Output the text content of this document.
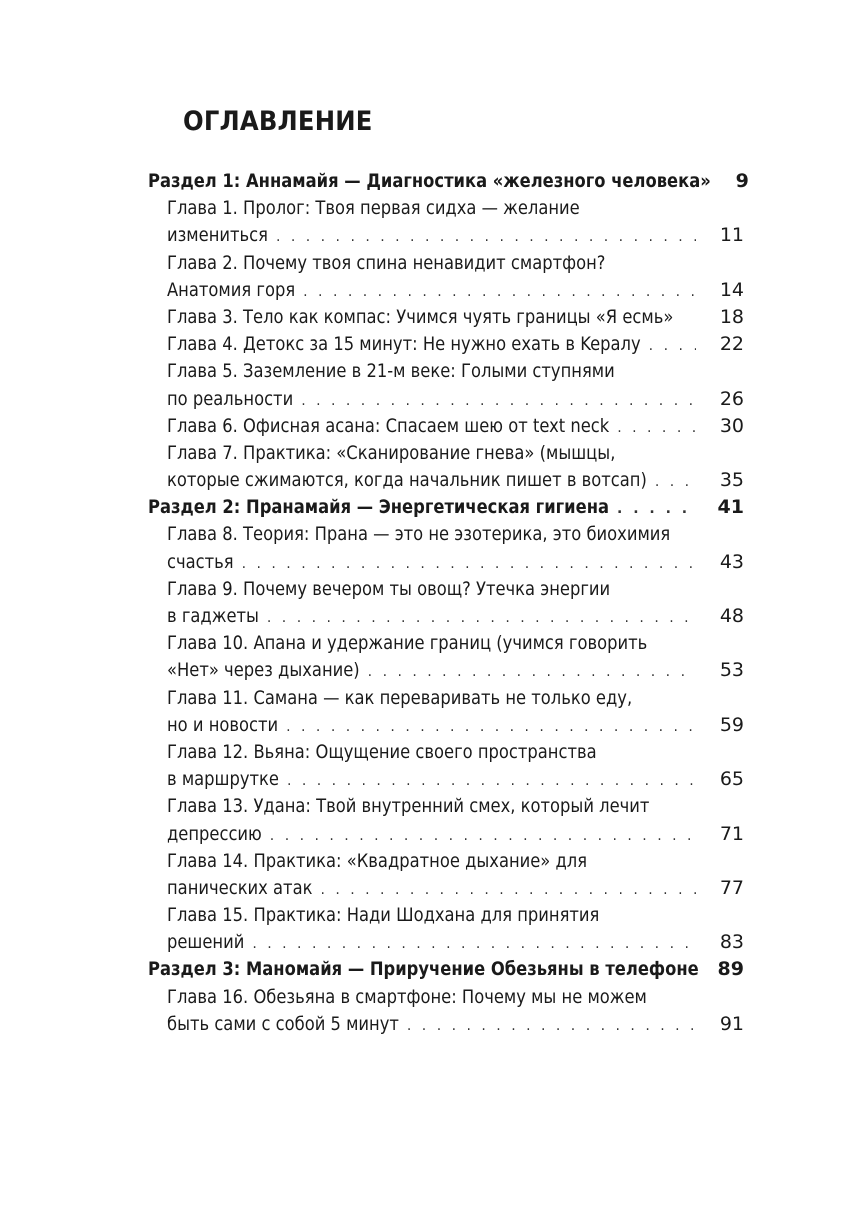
ОГЛАВЛЕНИЕ
Раздел 1: Аннамайя — Диагностика «железного человека»	9
Глава 1. Пролог: Твоя первая сидха — желание
измениться . . .	11
Глава 2. Почему твоя спина ненавидит смартфон?
Анатомия горя . . .	14
Глава 3. Тело как компас: Учимся чуять границы «Я есмь»	18
Глава 4. Детокс за 15 минут: Не нужно ехать в Keралу . . .	22
Глава 5. Заземление в 21-м веке: Голыми ступнями
по реальности . . .	26
Глава 6. Офисная асана: Спасаем шею от text neck . . .	30
Глава 7. Практика: «Сканирование гнева» (мышцы,
которые сжимаются, когда начальник пишет в вотсап) . . .	35
Раздел 2: Пранамайя — Энергетическая гигиена . . .	41
Глава 8. Теория: Прана — это не эзотерика, это биохимия
счастья . . .	43
Глава 9. Почему вечером ты овощ? Утечка энергии
в гаджеты . . .	48
Глава 10. Апана и удержание границ (учимся говорить
«Нет» через дыхание) . . .	53
Глава 11. Самана — как переваривать не только еду,
но и новости . . .	59
Глава 12. Вьяна: Ощущение своего пространства
в маршрутке . . .	65
Глава 13. Удана: Твой внутренний смех, который лечит
депрессию . . .	71
Глава 14. Практика: «Квадратное дыхание» для
панических атак . . .	77
Глава 15. Практика: Нади Шодхана для принятия
решений . . .	83
Раздел 3: Маномайя — Приручение Обезьяны в телефоне 89
Глава 16. Обезьяна в смартфоне: Почему мы не можем
быть сами с собой 5 минут . . .	91
